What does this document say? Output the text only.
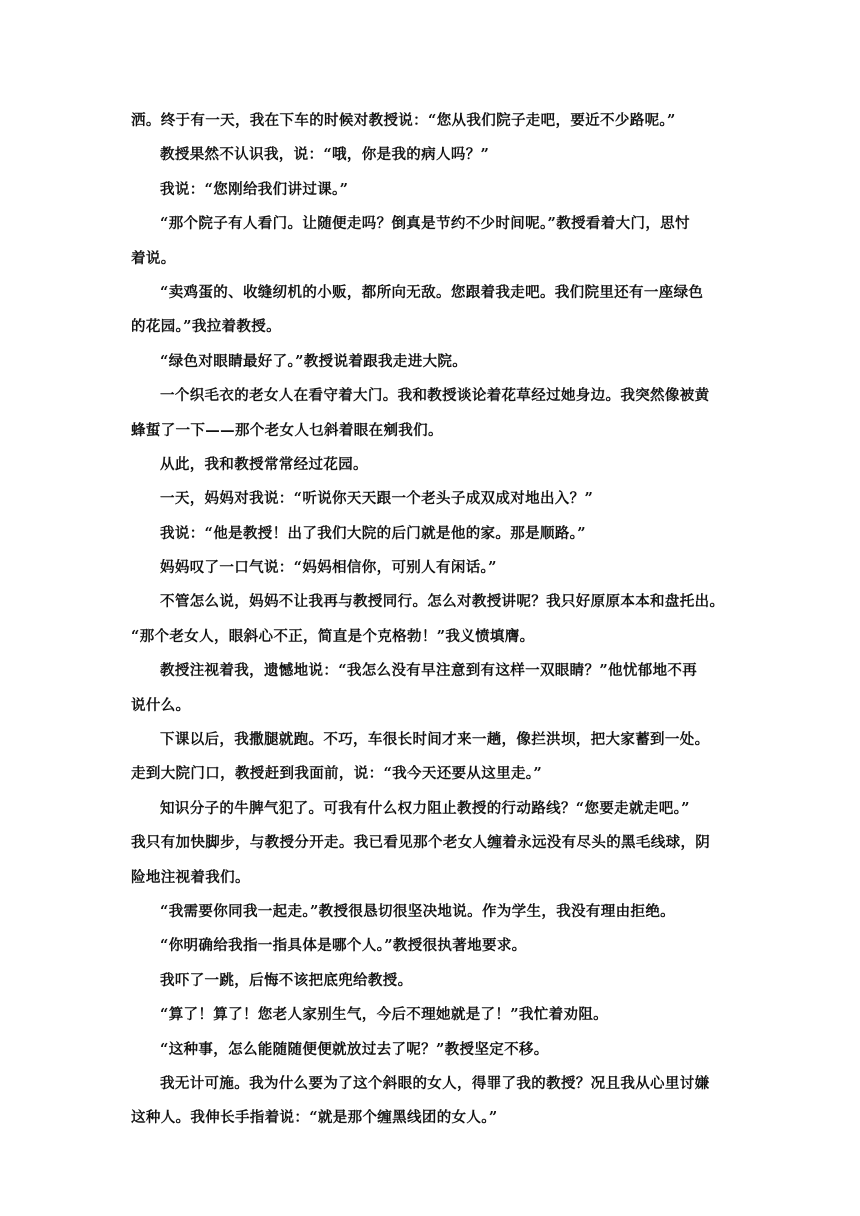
洒。终于有一天，我在下车的时候对教授说：“您从我们院子走吧，要近不少路呢。”

教授果然不认识我，说：“哦，你是我的病人吗？”

我说：“您刚给我们讲过课。”

“那个院子有人看门。让随便走吗？倒真是节约不少时间呢。”教授看着大门，思忖

着说。

“卖鸡蛋的、收缝纫机的小贩，都所向无敌。您跟着我走吧。我们院里还有一座绿色

的花园。”我拉着教授。

“绿色对眼睛最好了。”教授说着跟我走进大院。

一个织毛衣的老女人在看守着大门。我和教授谈论着花草经过她身边。我突然像被黄

蜂蜇了一下——那个老女人乜斜着眼在剜我们。

从此，我和教授常常经过花园。

一天，妈妈对我说：“听说你天天跟一个老头子成双成对地出入？”

我说：“他是教授！出了我们大院的后门就是他的家。那是顺路。”

妈妈叹了一口气说：“妈妈相信你，可别人有闲话。”

不管怎么说，妈妈不让我再与教授同行。怎么对教授讲呢？我只好原原本本和盘托出。

“那个老女人，眼斜心不正，简直是个克格勃！”我义愤填膺。

教授注视着我，遗憾地说：“我怎么没有早注意到有这样一双眼睛？”他忧郁地不再

说什么。

下课以后，我撒腿就跑。不巧，车很长时间才来一趟，像拦洪坝，把大家蓄到一处。

走到大院门口，教授赶到我面前，说：“我今天还要从这里走。”

知识分子的牛脾气犯了。可我有什么权力阻止教授的行动路线？“您要走就走吧。”

我只有加快脚步，与教授分开走。我已看见那个老女人缠着永远没有尽头的黑毛线球，阴

险地注视着我们。

“我需要你同我一起走。”教授很恳切很坚决地说。作为学生，我没有理由拒绝。

“你明确给我指一指具体是哪个人。”教授很执著地要求。

我吓了一跳，后悔不该把底兜给教授。

“算了！算了！您老人家别生气，今后不理她就是了！”我忙着劝阻。

“这种事，怎么能随随便便就放过去了呢？”教授坚定不移。

我无计可施。我为什么要为了这个斜眼的女人，得罪了我的教授？况且我从心里讨嫌

这种人。我伸长手指着说：“就是那个缠黑线团的女人。”
